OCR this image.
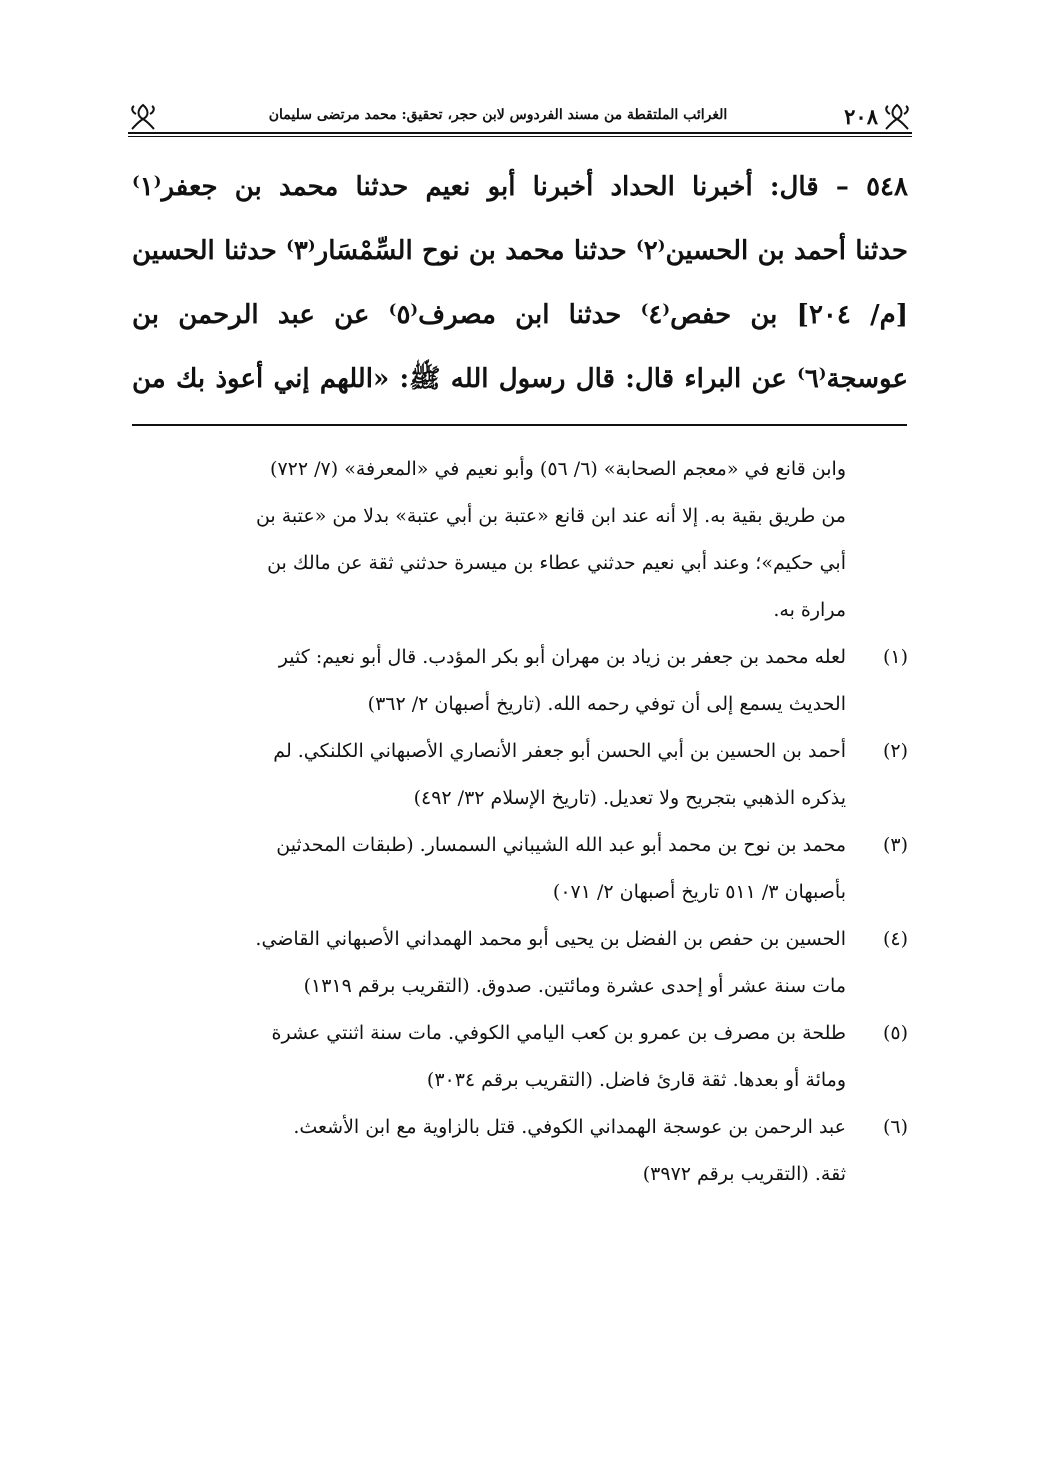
٢٠٨
الغرائب الملتقطة من مسند الفردوس لابن حجر، تحقيق: محمد مرتضى سليمان
٥٤٨ – قال: أخبرنا الحداد أخبرنا أبو نعيم حدثنا محمد بن جعفر⁽١⁾
حدثنا أحمد بن الحسين⁽٢⁾ حدثنا محمد بن نوح السِّمْسَار⁽٣⁾ حدثنا الحسين
[م/ ٢٠٤] بن حفص⁽٤⁾ حدثنا ابن مصرف⁽٥⁾ عن عبد الرحمن بن
عوسجة⁽٦⁾ عن البراء قال: قال رسول الله ﷺ: «اللهم إني أعوذ بك من
وابن قانع في «معجم الصحابة» (٦/ ٥٦) وأبو نعيم في «المعرفة» (٧/ ٧٢٢)
من طريق بقية به. إلا أنه عند ابن قانع «عتبة بن أبي عتبة» بدلا من «عتبة بن
أبي حكيم»؛ وعند أبي نعيم حدثني عطاء بن ميسرة حدثني ثقة عن مالك بن
مرارة به.
(١)
لعله محمد بن جعفر بن زياد بن مهران أبو بكر المؤدب. قال أبو نعيم: كثير
الحديث يسمع إلى أن توفي رحمه الله. (تاريخ أصبهان ٢/ ٣٦٢)
(٢)
أحمد بن الحسين بن أبي الحسن أبو جعفر الأنصاري الأصبهاني الكلنكي. لم
يذكره الذهبي بتجريح ولا تعديل. (تاريخ الإسلام ٣٢/ ٤٩٢)
(٣)
محمد بن نوح بن محمد أبو عبد الله الشيباني السمسار. (طبقات المحدثين
بأصبهان ٣/ ٥١١ تاريخ أصبهان ٢/ ٠٧١)
(٤)
الحسين بن حفص بن الفضل بن يحيى أبو محمد الهمداني الأصبهاني القاضي.
مات سنة عشر أو إحدى عشرة ومائتين. صدوق. (التقريب برقم ١٣١٩)
(٥)
طلحة بن مصرف بن عمرو بن كعب اليامي الكوفي. مات سنة اثنتي عشرة
ومائة أو بعدها. ثقة قارئ فاضل. (التقريب برقم ٣٠٣٤)
(٦)
عبد الرحمن بن عوسجة الهمداني الكوفي. قتل بالزاوية مع ابن الأشعث.
ثقة. (التقريب برقم ٣٩٧٢)
